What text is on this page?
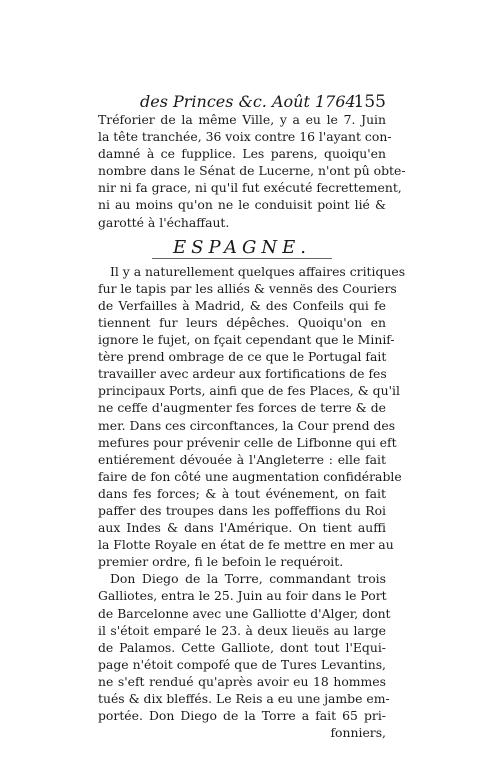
des Princes &c. Août 1764.
155
Tréforier de la même Ville, y a eu le 7. Juin
la tête tranchée, 36 voix contre 16 l'ayant con-
damné à ce fupplice. Les parens, quoiqu'en
nombre dans le Sénat de Lucerne, n'ont pû obte-
nir ni fa grace, ni qu'il fut exécuté fecrettement,
ni au moins qu'on ne le conduisit point lié &
garotté à l'échaffaut.
ESPAGNE.
Il y a naturellement quelques affaires critiques
fur le tapis par les alliés & vennës des Couriers
de Verfailles à Madrid, & des Confeils qui fe
tiennent fur leurs dépêches. Quoiqu'on en
ignore le fujet, on fçait cependant que le Minif-
tère prend ombrage de ce que le Portugal fait
travailler avec ardeur aux fortifications de fes
principaux Ports, ainfi que de fes Places, & qu'il
ne ceffe d'augmenter fes forces de terre & de
mer. Dans ces circonftances, la Cour prend des
mefures pour prévenir celle de Lifbonne qui eft
entiérement dévouée à l'Angleterre : elle fait
faire de fon côté une augmentation confidérable
dans fes forces; & à tout événement, on fait
paffer des troupes dans les poffeffions du Roi
aux Indes & dans l'Amérique. On tient auffi
la Flotte Royale en état de fe mettre en mer au
premier ordre, fi le befoin le requéroit.
Don Diego de la Torre, commandant trois
Galliotes, entra le 25. Juin au foir dans le Port
de Barcelonne avec une Galliotte d'Alger, dont
il s'étoit emparé le 23. à deux lieuës au large
de Palamos. Cette Galliote, dont tout l'Equi-
page n'étoit compofé que de Tures Levantins,
ne s'eft rendué qu'après avoir eu 18 hommes
tués & dix bleffés. Le Reis a eu une jambe em-
portée. Don Diego de la Torre a fait 65 pri-
fonniers,
